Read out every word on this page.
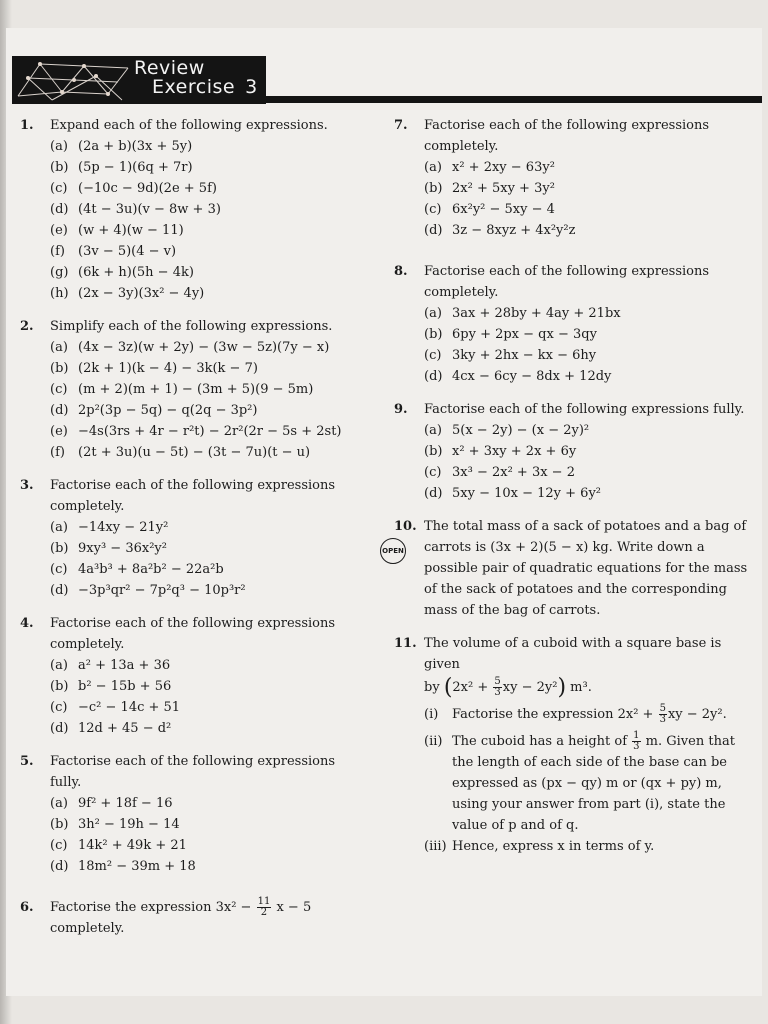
Review
Exercise 3
1. Expand each of the following expressions.
(a) (2a + b)(3x + 5y)
(b) (5p − 1)(6q + 7r)
(c) (−10c − 9d)(2e + 5f)
(d) (4t − 3u)(v − 8w + 3)
(e) (w + 4)(w − 11)
(f)	(3v − 5)(4 − v)
(g) (6k + h)(5h − 4k)
(h) (2x − 3y)(3x² − 4y)
2. Simplify each of the following expressions.
(a) (4x − 3z)(w + 2y) − (3w − 5z)(7y − x)
(b) (2k + 1)(k − 4) − 3k(k − 7)
(c) (m + 2)(m + 1) − (3m + 5)(9 − 5m)
(d) 2p²(3p − 5q) − q(2q − 3p²)
(e) −4s(3rs + 4r − r²t) − 2r²(2r − 5s + 2st)
(f)	(2t + 3u)(u − 5t) − (3t − 7u)(t − u)
3. Factorise each of the following expressions completely.
(a) −14xy − 21y²
(b) 9xy³ − 36x²y²
(c) 4a³b³ + 8a²b² − 22a²b
(d) −3p³qr² − 7p²q³ − 10p³r²
4. Factorise each of the following expressions completely.
(a) a² + 13a + 36
(b) b² − 15b + 56
(c) −c² − 14c + 51
(d) 12d + 45 − d²
5. Factorise each of the following expressions fully.
(a) 9f² + 18f − 16
(b) 3h² − 19h − 14
(c) 14k² + 49k + 21
(d) 18m² − 39m + 18
6. Factorise the expression $3x^2 - \frac{11}{2}$ x − 5 completely.
7. Factorise each of the following expressions completely.
(a) x² + 2xy − 63y²
(b) 2x² + 5xy + 3y²
(c) 6x²y² − 5xy − 4
(d) 3z − 8xyz + 4x²y²z
8. Factorise each of the following expressions completely.
(a) 3ax + 28by + 4ay + 21bx
(b) 6py + 2px − qx − 3qy
(c) 3ky + 2hx − kx − 6hy
(d) 4cx − 6cy − 8dx + 12dy
9. Factorise each of the following expressions fully.
(a) 5(x − 2y) − (x − 2y)²
(b) x² + 3xy + 2x + 6y
(c) 3x³ − 2x² + 3x − 2
(d) 5xy − 10x − 12y + 6y²
10.
OPEN
The total mass of a sack of potatoes and a bag of carrots is (3x + 2)(5 − x) kg. Write down a possible pair of quadratic equations for the mass of the sack of potatoes and the corresponding mass of the bag of carrots.
11. The volume of a cuboid with a square base is given
by ($2x^2 + \frac{5}{3}$ xy − 2y²) m³.
(i)	Factorise the expression $2x^2 + \frac{5}{3}$ xy − 2y².
(ii) The cuboid has a height of $\frac{1}{3} m$. Given that
the length of each side of the base can be expressed as (px − qy) m or (qx + py) m, using your answer from part (i), state the value of p and of q.
(iii) Hence, express x in terms of y.
